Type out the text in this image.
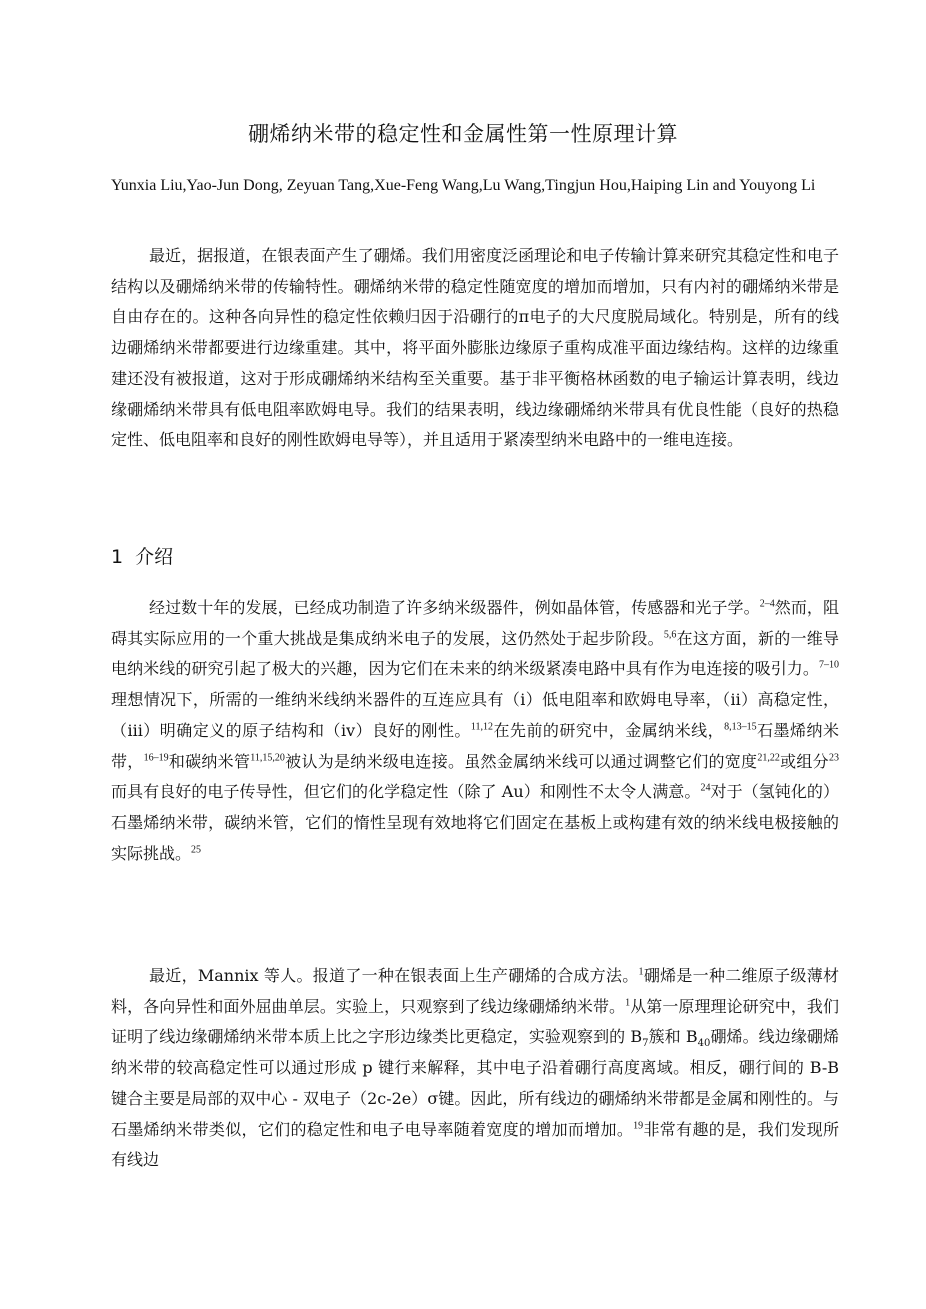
硼烯纳米带的稳定性和金属性第一性原理计算
Yunxia Liu,Yao-Jun Dong, Zeyuan Tang,Xue-Feng Wang,Lu Wang,Tingjun Hou,Haiping Lin and Youyong Li
最近，据报道，在银表面产生了硼烯。我们用密度泛函理论和电子传输计算来研究其稳定性和电子结构以及硼烯纳米带的传输特性。硼烯纳米带的稳定性随宽度的增加而增加，只有内衬的硼烯纳米带是自由存在的。这种各向异性的稳定性依赖归因于沿硼行的π电子的大尺度脱局域化。特别是，所有的线边硼烯纳米带都要进行边缘重建。其中，将平面外膨胀边缘原子重构成准平面边缘结构。这样的边缘重建还没有被报道，这对于形成硼烯纳米结构至关重要。基于非平衡格林函数的电子输运计算表明，线边缘硼烯纳米带具有低电阻率欧姆电导。我们的结果表明，线边缘硼烯纳米带具有优良性能（良好的热稳定性、低电阻率和良好的刚性欧姆电导等），并且适用于紧凑型纳米电路中的一维电连接。
1 介绍
经过数十年的发展，已经成功制造了许多纳米级器件，例如晶体管，传感器和光子学。$^{2-4}$然而，阻碍其实际应用的一个重大挑战是集成纳米电子的发展，这仍然处于起步阶段。$^{5,6}$在这方面，新的一维导电纳米线的研究引起了极大的兴趣，因为它们在未来的纳米级紧凑电路中具有作为电连接的吸引力。$^{7-10}$理想情况下，所需的一维纳米线纳米器件的互连应具有（i）低电阻率和欧姆电导率，（ii）高稳定性，（iii）明确定义的原子结构和（iv）良好的刚性。$^{11,12}$在先前的研究中，金属纳米线，$^{8,13-15}$石墨烯纳米带，$^{16-19}$和碳纳米管$^{11,15,20}$被认为是纳米级电连接。虽然金属纳米线可以通过调整它们的宽度$^{21,22}$或组分$^{23}$而具有良好的电子传导性，但它们的化学稳定性（除了 Au）和刚性不太令人满意。$^{24}$对于（氢钝化的）石墨烯纳米带，碳纳米管，它们的惰性呈现有效地将它们固定在基板上或构建有效的纳米线电极接触的实际挑战。$^{25}$
最近，Mannix 等人。报道了一种在银表面上生产硼烯的合成方法。$^1$硼烯是一种二维原子级薄材料，各向异性和面外屈曲单层。实验上，只观察到了线边缘硼烯纳米带。$^1$从第一原理理论研究中，我们证明了线边缘硼烯纳米带本质上比之字形边缘类比更稳定，实验观察到的 $B_7$簇和 $B_{40}$硼烯。线边缘硼烯纳米带的较高稳定性可以通过形成 p 键行来解释，其中电子沿着硼行高度离域。相反，硼行间的 B-B 键合主要是局部的双中心 - 双电子（2c-2e）σ键。因此，所有线边的硼烯纳米带都是金属和刚性的。与石墨烯纳米带类似，它们的稳定性和电子电导率随着宽度的增加而增加。$^{19}$非常有趣的是，我们发现所有线边
